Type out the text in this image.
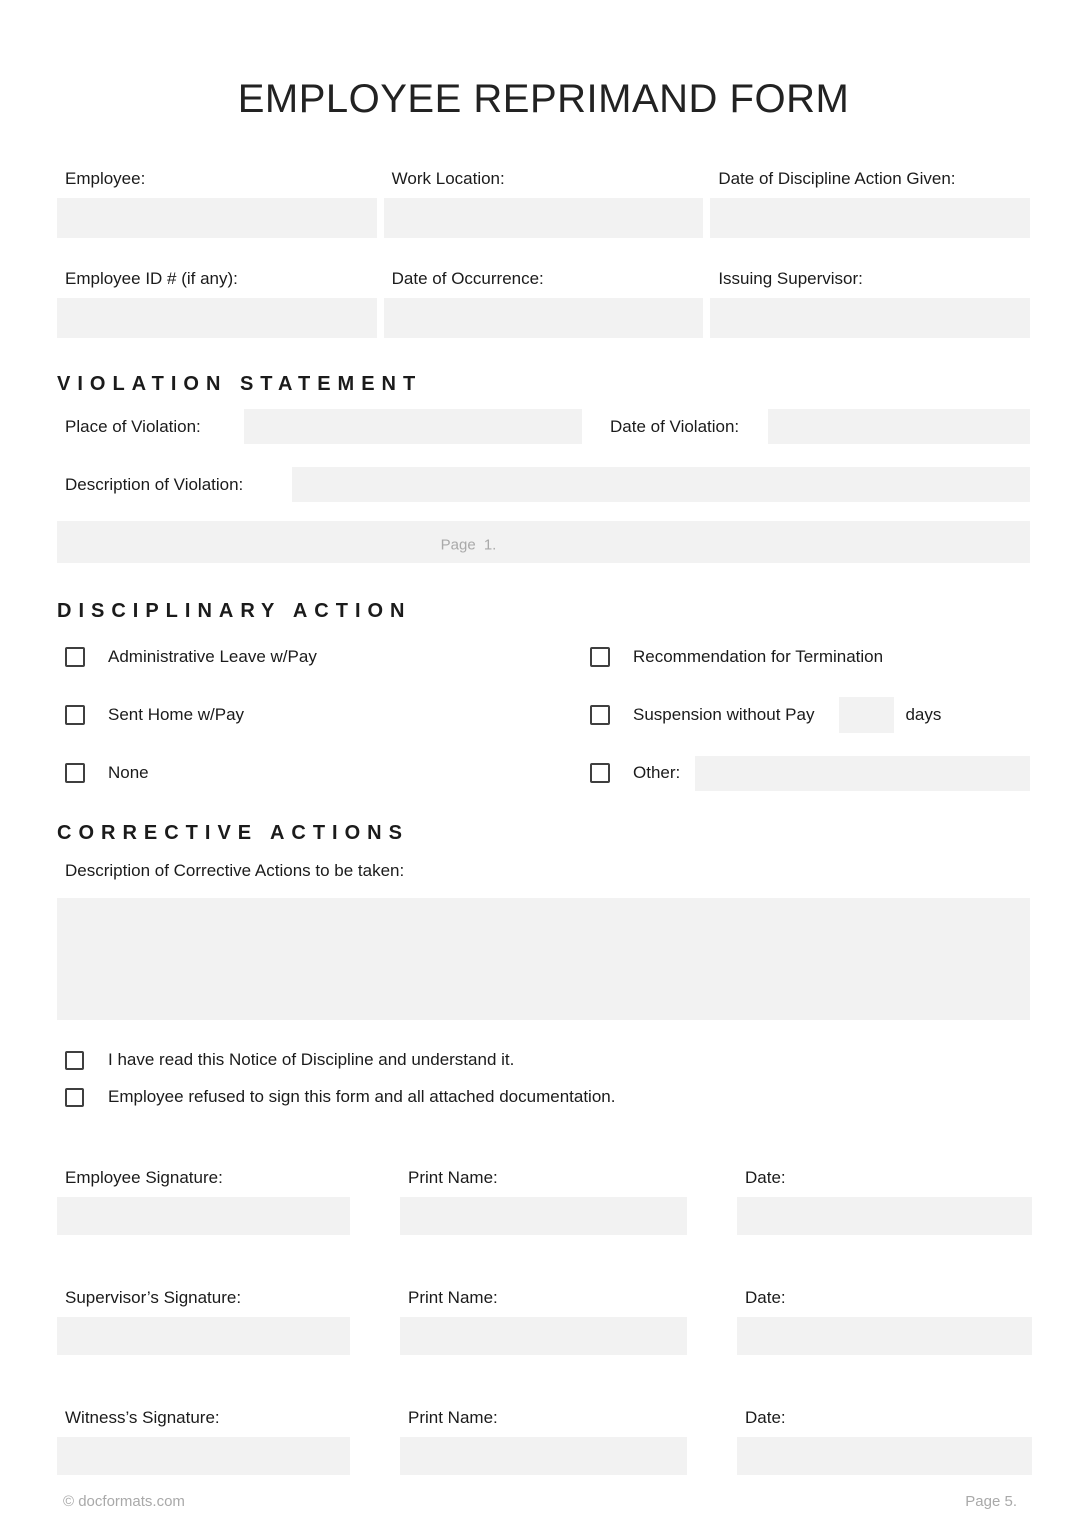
EMPLOYEE REPRIMAND FORM
Employee:	Work Location:	Date of Discipline Action Given:
Employee ID # (if any):	Date of Occurrence:	Issuing Supervisor:
VIOLATION STATEMENT
Place of Violation:	Date of Violation:
Description of Violation:
Page 1.
DISCIPLINARY ACTION
Administrative Leave w/Pay	Recommendation for Termination
Sent Home w/Pay	Suspension without Pay	days
None	Other:
CORRECTIVE ACTIONS
Description of Corrective Actions to be taken:
I have read this Notice of Discipline and understand it.
Employee refused to sign this form and all attached documentation.
Employee Signature:	Print Name:	Date:
Supervisor’s Signature:	Print Name:	Date:
Witness’s Signature:	Print Name:	Date:
© docformats.com	Page 5.
